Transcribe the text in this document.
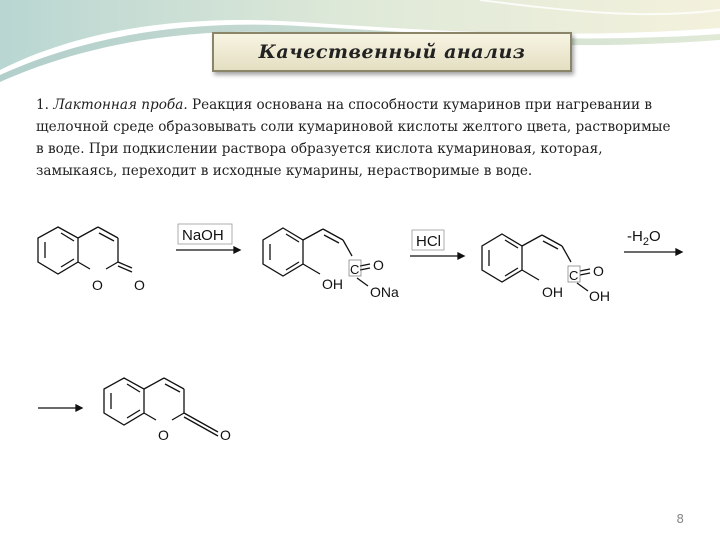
Качественный анализ
1. Лактонная проба. Реакция основана на способности кумаринов при нагревании в щелочной среде образовывать соли кумариновой кислоты желтого цвета, растворимые в воде. При подкислении раствора образуется кислота кумариновая, которая, замыкаясь, переходит в исходные кумарины, нерастворимые в воде.
O O
NaOH
C O
ONa
OH
HCl
C O
OH
OH
$-H_2O$
O	O
8
